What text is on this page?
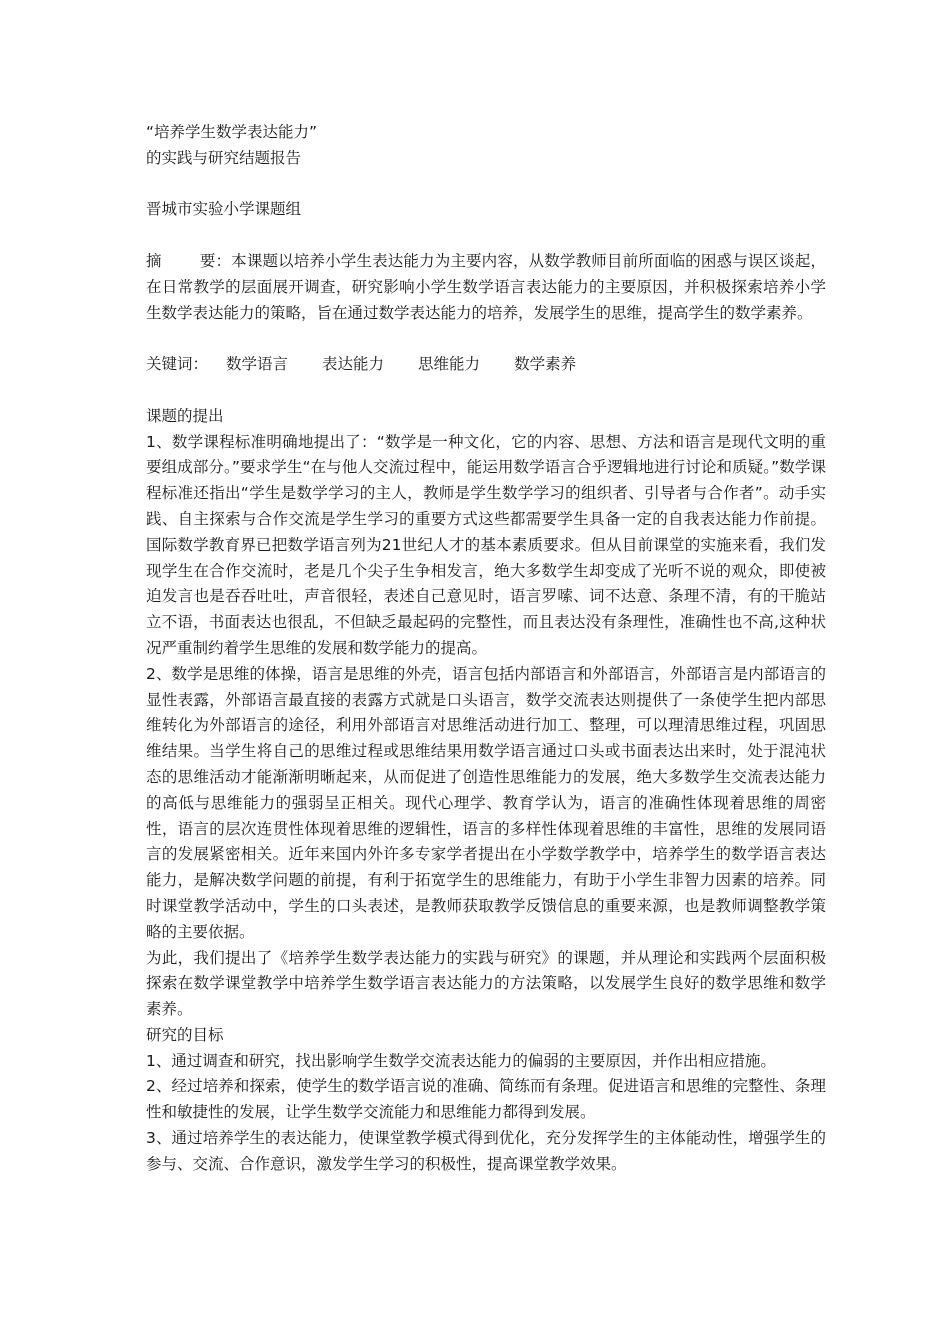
“培养学生数学表达能力”
的实践与研究结题报告
晋城市实验小学课题组
摘 要：本课题以培养小学生表达能力为主要内容，从数学教师目前所面临的困惑与误区谈起，在日常教学的层面展开调查，研究影响小学生数学语言表达能力的主要原因，并积极探索培养小学生数学表达能力的策略，旨在通过数学表达能力的培养，发展学生的思维，提高学生的数学素养。
关键词： 数学语言 表达能力 思维能力 数学素养
课题的提出
1、数学课程标准明确地提出了：“数学是一种文化，它的内容、思想、方法和语言是现代文明的重要组成部分。”要求学生“在与他人交流过程中，能运用数学语言合乎逻辑地进行讨论和质疑。”数学课程标准还指出“学生是数学学习的主人，教师是学生数学学习的组织者、引导者与合作者”。动手实践、自主探索与合作交流是学生学习的重要方式这些都需要学生具备一定的自我表达能力作前提。国际数学教育界已把数学语言列为21世纪人才的基本素质要求。但从目前课堂的实施来看，我们发现学生在合作交流时，老是几个尖子生争相发言，绝大多数学生却变成了光听不说的观众，即使被迫发言也是吞吞吐吐，声音很轻，表述自己意见时，语言罗嗦、词不达意、条理不清，有的干脆站立不语，书面表达也很乱，不但缺乏最起码的完整性，而且表达没有条理性，准确性也不高,这种状况严重制约着学生思维的发展和数学能力的提高。
2、数学是思维的体操，语言是思维的外壳，语言包括内部语言和外部语言，外部语言是内部语言的显性表露，外部语言最直接的表露方式就是口头语言，数学交流表达则提供了一条使学生把内部思维转化为外部语言的途径，利用外部语言对思维活动进行加工、整理，可以理清思维过程，巩固思维结果。当学生将自己的思维过程或思维结果用数学语言通过口头或书面表达出来时，处于混沌状态的思维活动才能渐渐明晰起来，从而促进了创造性思维能力的发展，绝大多数学生交流表达能力的高低与思维能力的强弱呈正相关。现代心理学、教育学认为，语言的准确性体现着思维的周密性，语言的层次连贯性体现着思维的逻辑性，语言的多样性体现着思维的丰富性，思维的发展同语言的发展紧密相关。近年来国内外许多专家学者提出在小学数学教学中，培养学生的数学语言表达能力，是解决数学问题的前提，有利于拓宽学生的思维能力，有助于小学生非智力因素的培养。同时课堂教学活动中，学生的口头表述，是教师获取教学反馈信息的重要来源，也是教师调整教学策略的主要依据。
为此，我们提出了《培养学生数学表达能力的实践与研究》的课题，并从理论和实践两个层面积极探索在数学课堂教学中培养学生数学语言表达能力的方法策略，以发展学生良好的数学思维和数学素养。
研究的目标
1、通过调查和研究，找出影响学生数学交流表达能力的偏弱的主要原因，并作出相应措施。
2、经过培养和探索，使学生的数学语言说的准确、简练而有条理。促进语言和思维的完整性、条理性和敏捷性的发展，让学生数学交流能力和思维能力都得到发展。
3、通过培养学生的表达能力，使课堂教学模式得到优化，充分发挥学生的主体能动性，增强学生的参与、交流、合作意识，激发学生学习的积极性，提高课堂教学效果。
